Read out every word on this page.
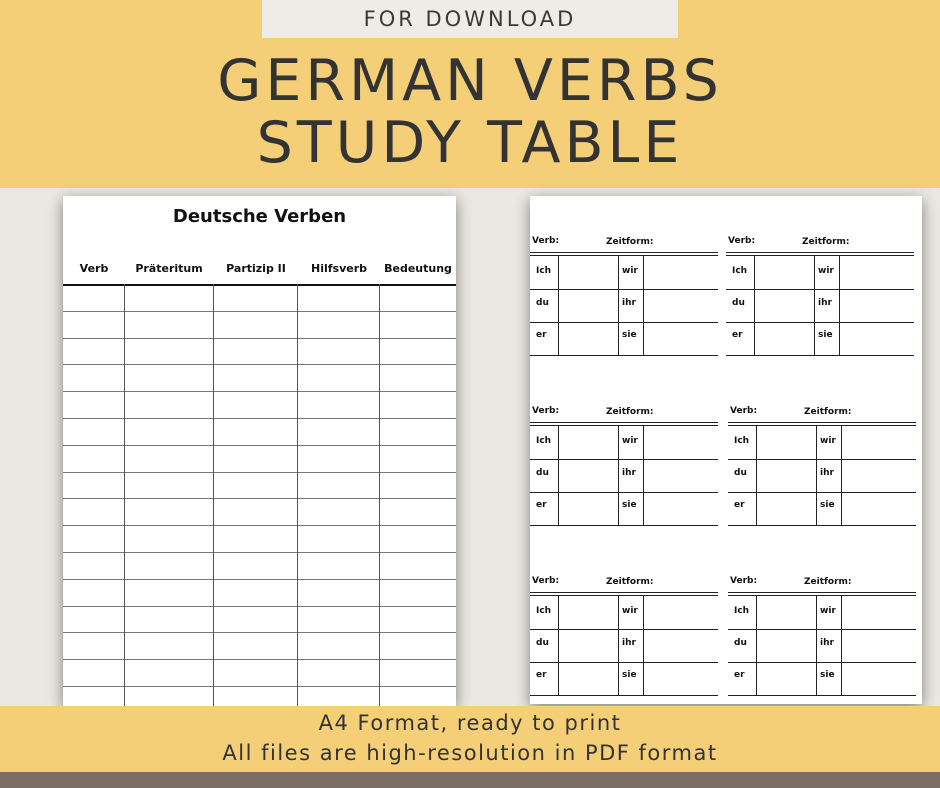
FOR DOWNLOAD
GERMAN VERBS
STUDY TABLE
Deutsche Verben
Verb	Präteritum	Partizip II	Hilfsverb	Bedeutung
Verb:	Zeitform:
Ich	wir
du	ihr
er	sie
Verb:	Zeitform:
Ich	wir
du	ihr
er	sie
Verb:	Zeitform:
Ich	wir
du	ihr
er	sie
Verb:	Zeitform:
Ich	wir
du	ihr
er	sie
Verb:	Zeitform:
Ich	wir
du	ihr
er	sie
Verb:	Zeitform:
Ich	wir
du	ihr
er	sie
A4 Format, ready to print
All files are high-resolution in PDF format
